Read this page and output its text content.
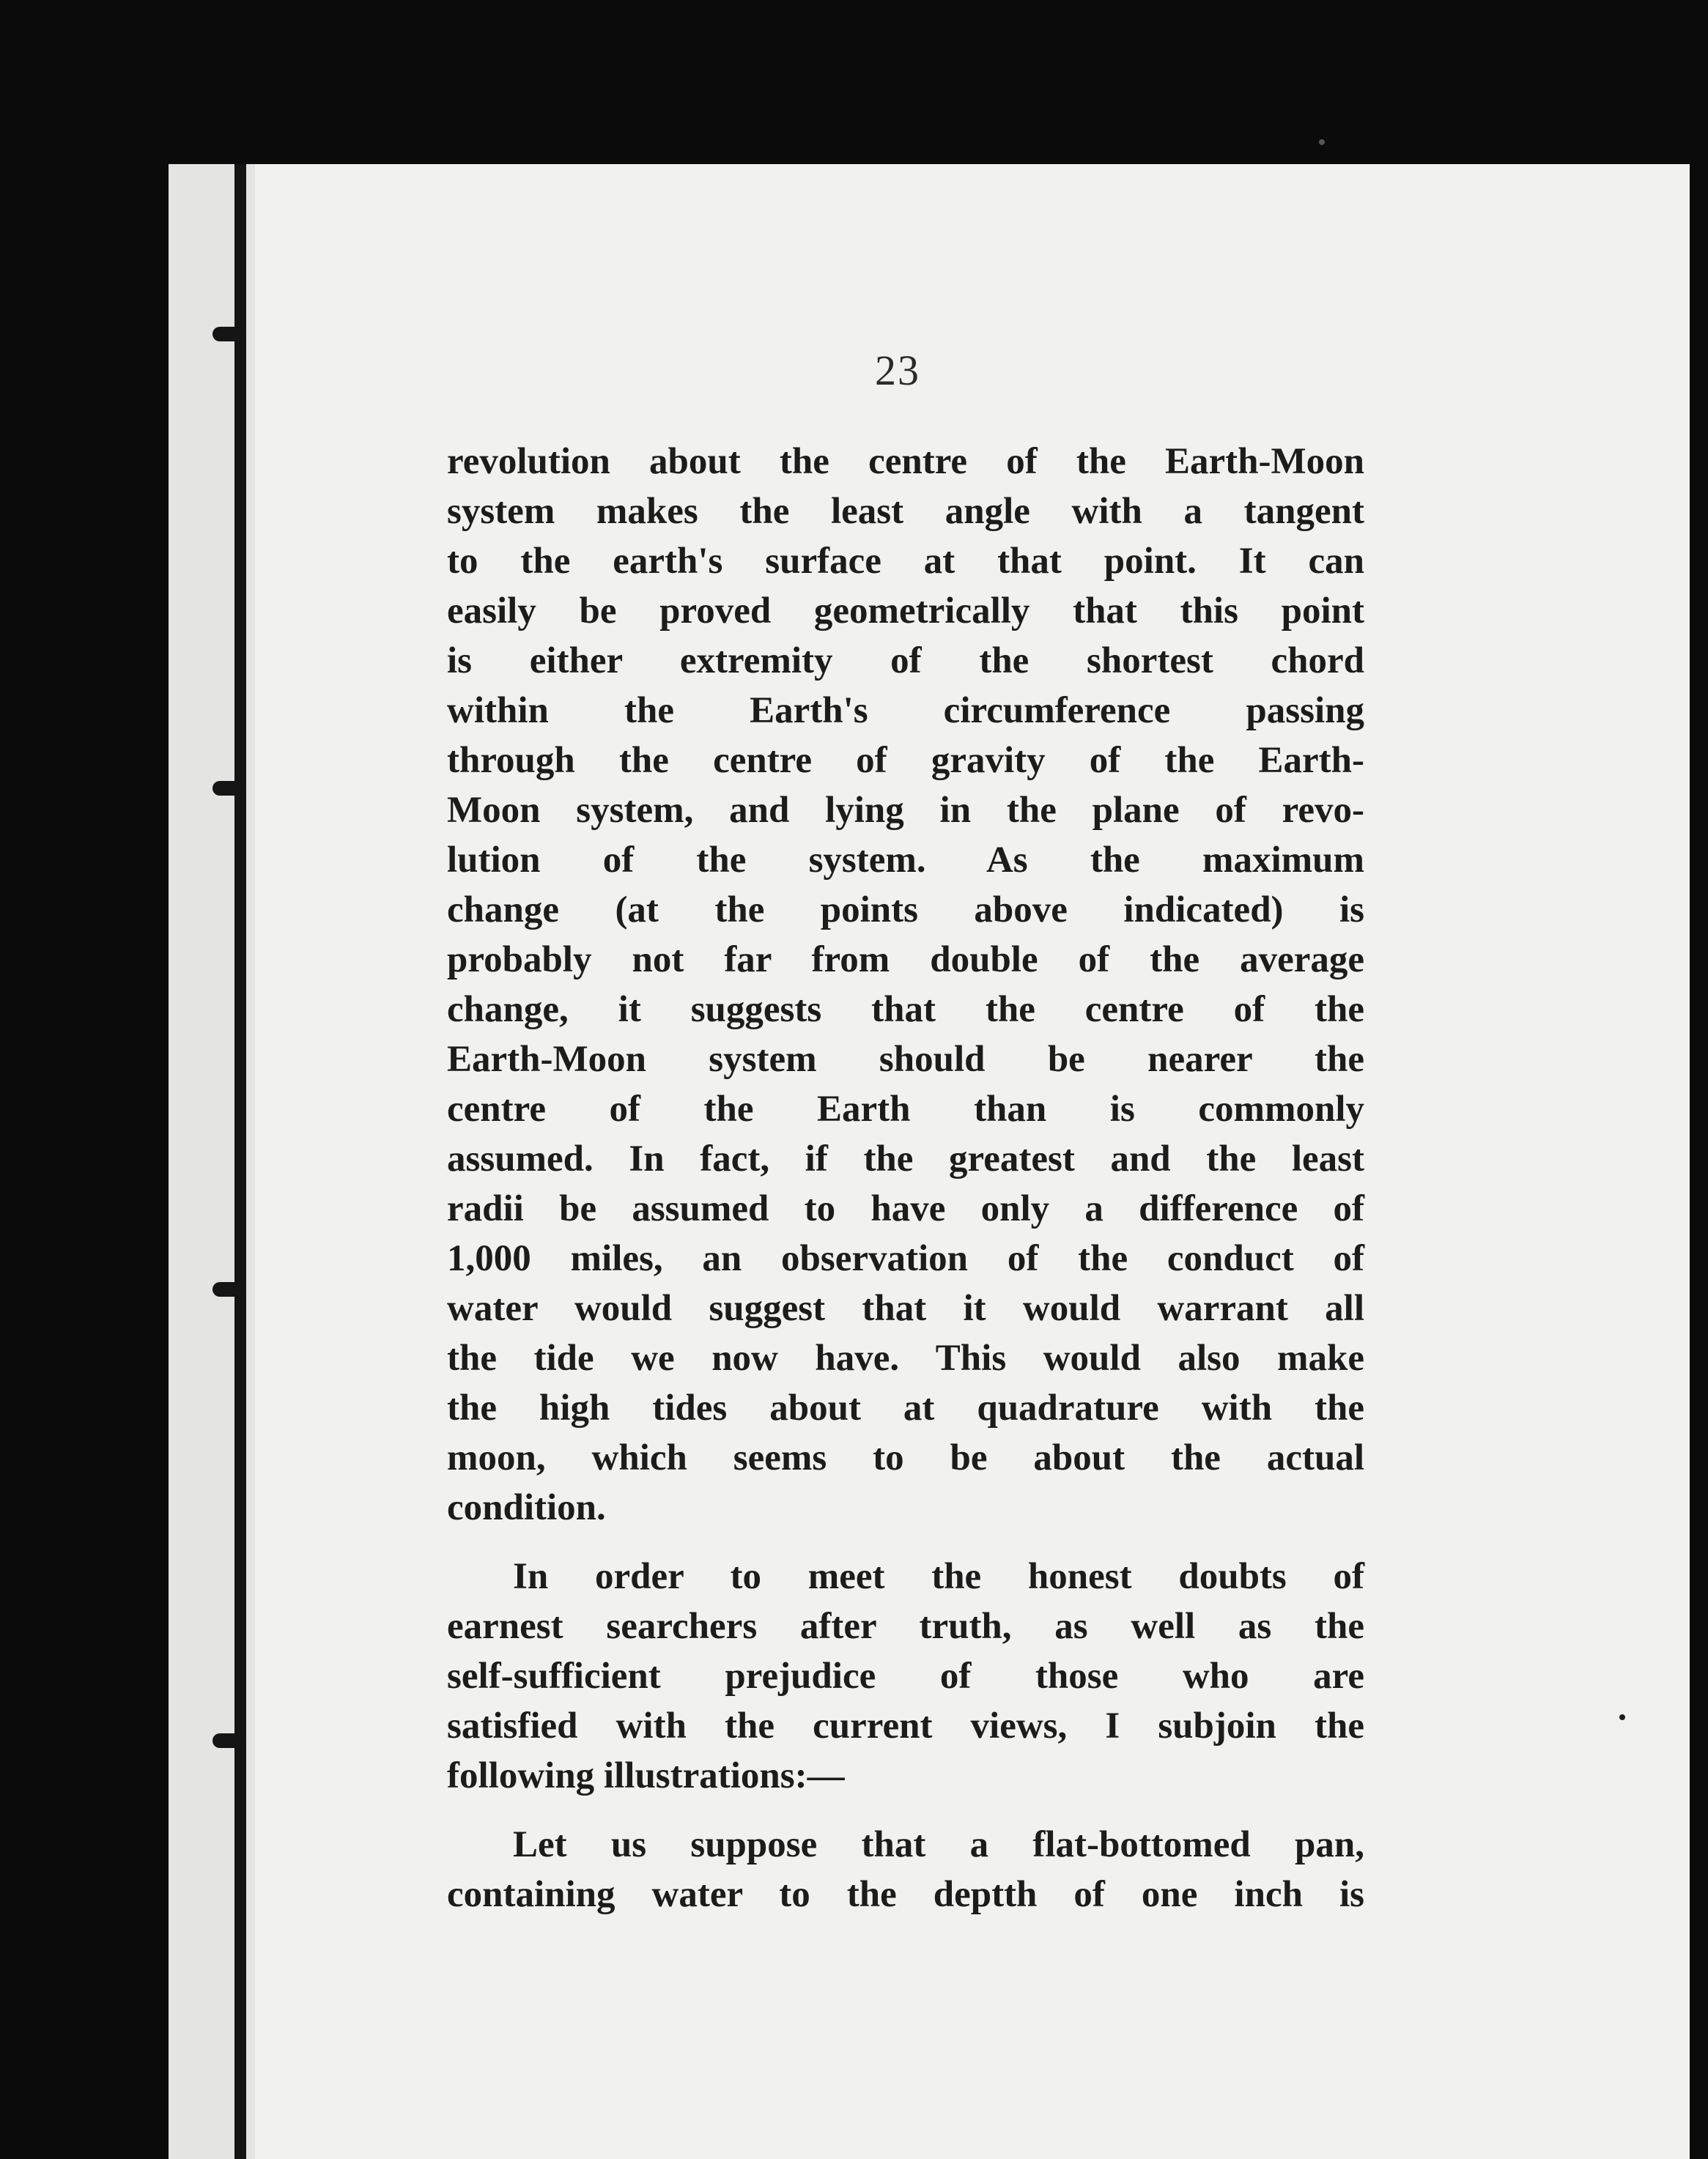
23
revolution about the centre of the Earth-Moon
system makes the least angle with a tangent
to the earth's surface at that point. It can
easily be proved geometrically that this point
is either extremity of the shortest chord
within the Earth's circumference passing
through the centre of gravity of the Earth-
Moon system, and lying in the plane of revo-
lution of the system. As the maximum
change (at the points above indicated) is
probably not far from double of the average
change, it suggests that the centre of the
Earth-Moon system should be nearer the
centre of the Earth than is commonly
assumed. In fact, if the greatest and the least
radii be assumed to have only a difference of
1,000 miles, an observation of the conduct of
water would suggest that it would warrant all
the tide we now have. This would also make
the high tides about at quadrature with the
moon, which seems to be about the actual
condition.
In order to meet the honest doubts of
earnest searchers after truth, as well as the
self-sufficient prejudice of those who are
satisfied with the current views, I subjoin the
following illustrations:—
Let us suppose that a flat-bottomed pan,
containing water to the deptth of one inch is
